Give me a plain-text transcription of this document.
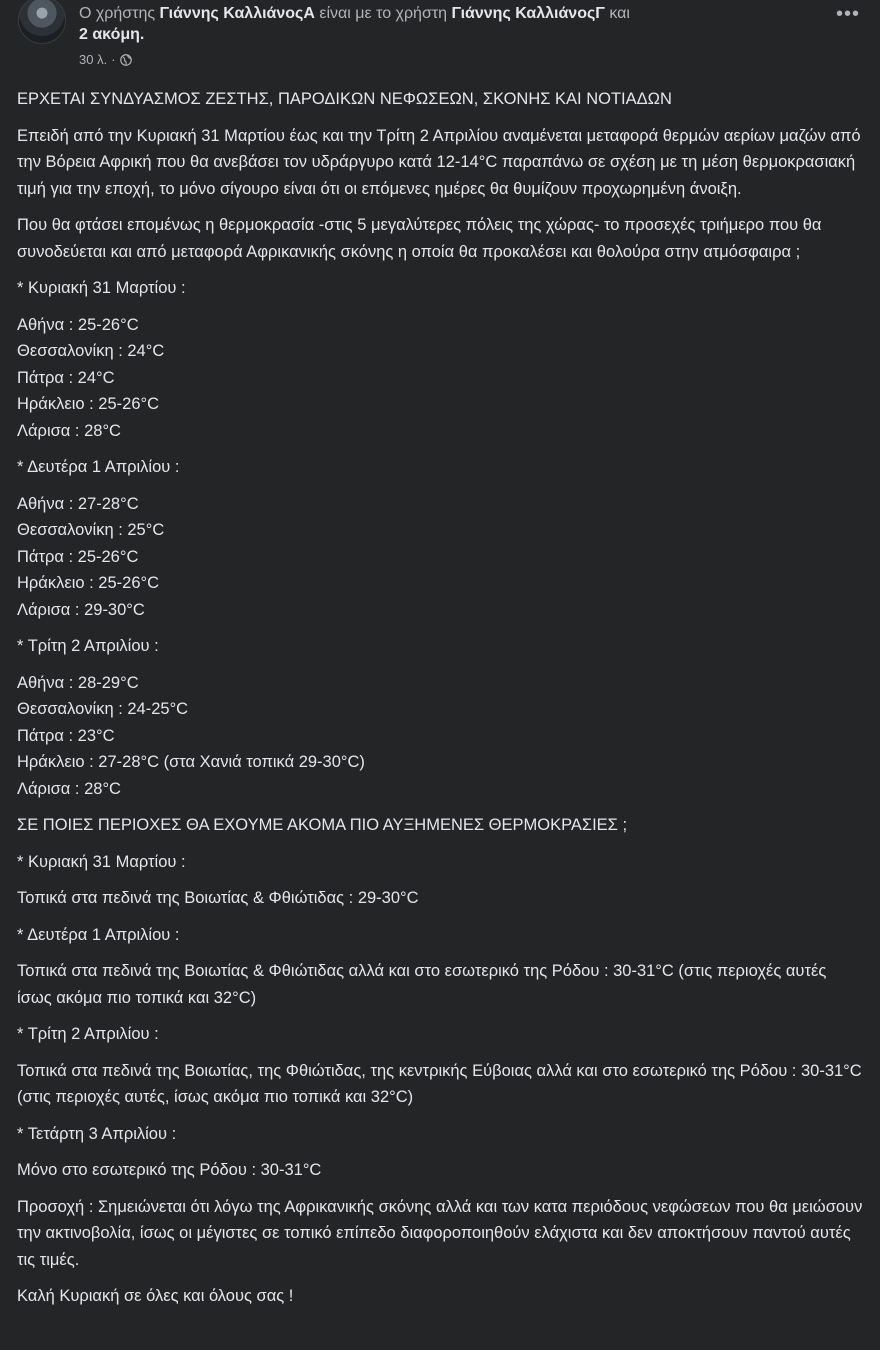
Ο χρήστης Γιάννης ΚαλλιάνοςΑ είναι με το χρήστη Γιάννης ΚαλλιάνοςΓ και
2 ακόμη.
30 λ. ·
•••

ΕΡΧΕΤΑΙ ΣΥΝΔΥΑΣΜΟΣ ΖΕΣΤΗΣ, ΠΑΡΟΔΙΚΩΝ ΝΕΦΩΣΕΩΝ, ΣΚΟΝΗΣ ΚΑΙ ΝΟΤΙΑΔΩΝ

Επειδή από την Κυριακή 31 Μαρτίου έως και την Τρίτη 2 Απριλίου αναμένεται μεταφορά θερμών αερίων μαζών από την Βόρεια Αφρική που θα ανεβάσει τον υδράργυρο κατά 12-14°C παραπάνω σε σχέση με τη μέση θερμοκρασιακή τιμή για την εποχή, το μόνο σίγουρο είναι ότι οι επόμενες ημέρες θα θυμίζουν προχωρημένη άνοιξη.

Που θα φτάσει επομένως η θερμοκρασία -στις 5 μεγαλύτερες πόλεις της χώρας- το προσεχές τριήμερο που θα συνοδεύεται και από μεταφορά Αφρικανικής σκόνης η οποία θα προκαλέσει και θολούρα στην ατμόσφαιρα ;

* Κυριακή 31 Μαρτίου :

Αθήνα : 25-26°C
Θεσσαλονίκη : 24°C
Πάτρα : 24°C
Ηράκλειο : 25-26°C
Λάρισα : 28°C

* Δευτέρα 1 Απριλίου :

Αθήνα : 27-28°C
Θεσσαλονίκη : 25°C
Πάτρα : 25-26°C
Ηράκλειο : 25-26°C
Λάρισα : 29-30°C

* Τρίτη 2 Απριλίου :

Αθήνα : 28-29°C
Θεσσαλονίκη : 24-25°C
Πάτρα : 23°C
Ηράκλειο : 27-28°C (στα Χανιά τοπικά 29-30°C)
Λάρισα : 28°C

ΣΕ ΠΟΙΕΣ ΠΕΡΙΟΧΕΣ ΘΑ ΕΧΟΥΜΕ ΑΚΟΜΑ ΠΙΟ ΑΥΞΗΜΕΝΕΣ ΘΕΡΜΟΚΡΑΣΙΕΣ ;

* Κυριακή 31 Μαρτίου :

Τοπικά στα πεδινά της Βοιωτίας & Φθιώτιδας : 29-30°C

* Δευτέρα 1 Απριλίου :

Τοπικά στα πεδινά της Βοιωτίας & Φθιώτιδας αλλά και στο εσωτερικό της Ρόδου : 30-31°C (στις περιοχές αυτές ίσως ακόμα πιο τοπικά και 32°C)

* Τρίτη 2 Απριλίου :

Τοπικά στα πεδινά της Βοιωτίας, της Φθιώτιδας, της κεντρικής Εύβοιας αλλά και στο εσωτερικό της Ρόδου : 30-31°C (στις περιοχές αυτές, ίσως ακόμα πιο τοπικά και 32°C)

* Τετάρτη 3 Απριλίου :

Μόνο στο εσωτερικό της Ρόδου : 30-31°C

Προσοχή : Σημειώνεται ότι λόγω της Αφρικανικής σκόνης αλλά και των κατα περιόδους νεφώσεων που θα μειώσουν την ακτινοβολία, ίσως οι μέγιστες σε τοπικό επίπεδο διαφοροποιηθούν ελάχιστα και δεν αποκτήσουν παντού αυτές τις τιμές.

Καλή Κυριακή σε όλες και όλους σας !
